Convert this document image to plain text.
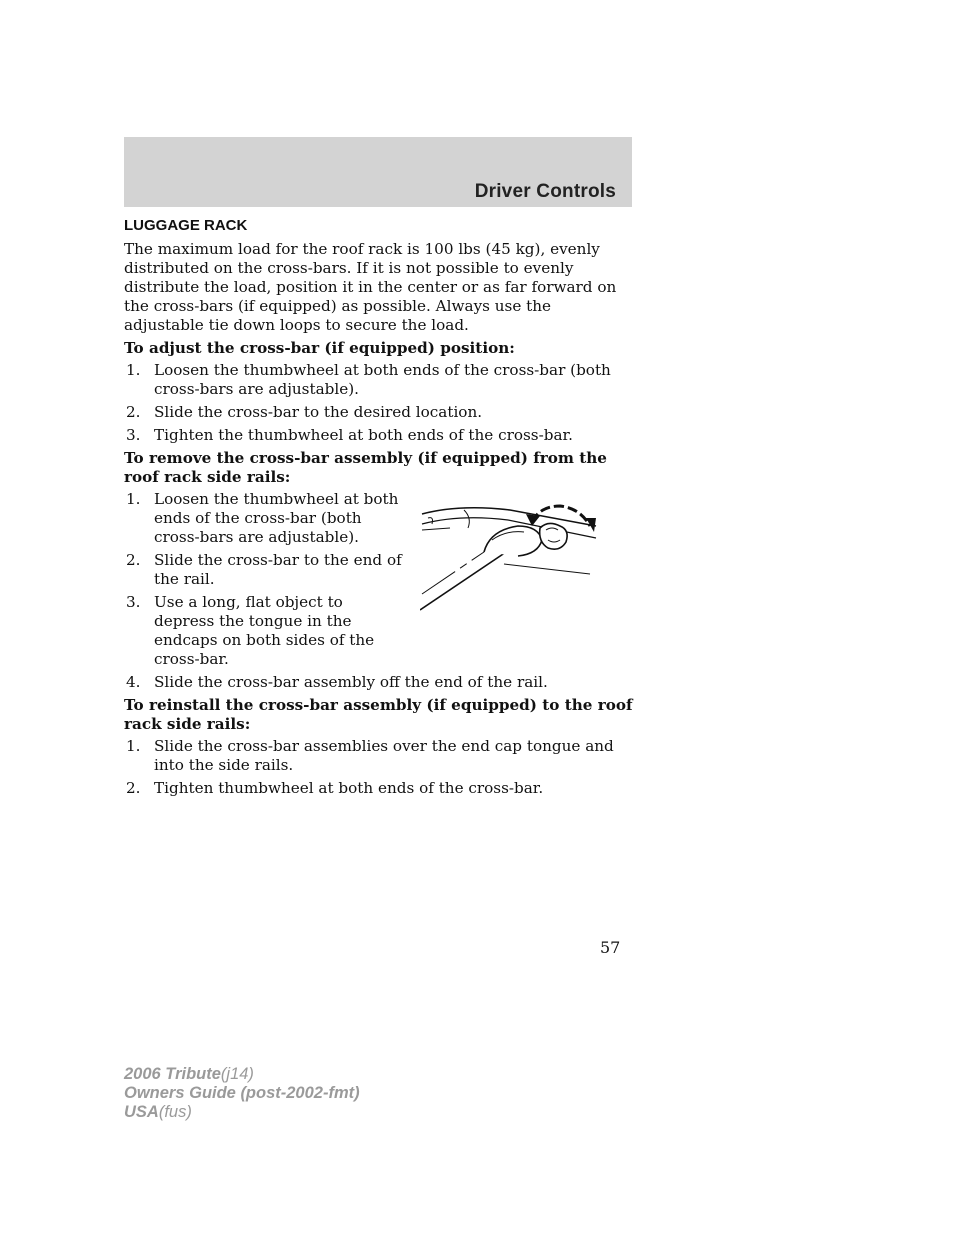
Driver Controls
LUGGAGE RACK

The maximum load for the roof rack is 100 lbs (45 kg), evenly distributed on the cross-bars. If it is not possible to evenly distribute the load, position it in the center or as far forward on the cross-bars (if equipped) as possible. Always use the adjustable tie down loops to secure the load.

To adjust the cross-bar (if equipped) position:

1. Loosen the thumbwheel at both ends of the cross-bar (both cross-bars are adjustable).
2. Slide the cross-bar to the desired location.
3. Tighten the thumbwheel at both ends of the cross-bar.

To remove the cross-bar assembly (if equipped) from the roof rack side rails:

1. Loosen the thumbwheel at both ends of the cross-bar (both cross-bars are adjustable).
2. Slide the cross-bar to the end of the rail.
3. Use a long, flat object to depress the tongue in the endcaps on both sides of the cross-bar.
4. Slide the cross-bar assembly off the end of the rail.

To reinstall the cross-bar assembly (if equipped) to the roof rack side rails:

1. Slide the cross-bar assemblies over the end cap tongue and into the side rails.
2. Tighten thumbwheel at both ends of the cross-bar.
57
2006 Tribute(j14)
Owners Guide (post-2002-fmt)
USA(fus)
